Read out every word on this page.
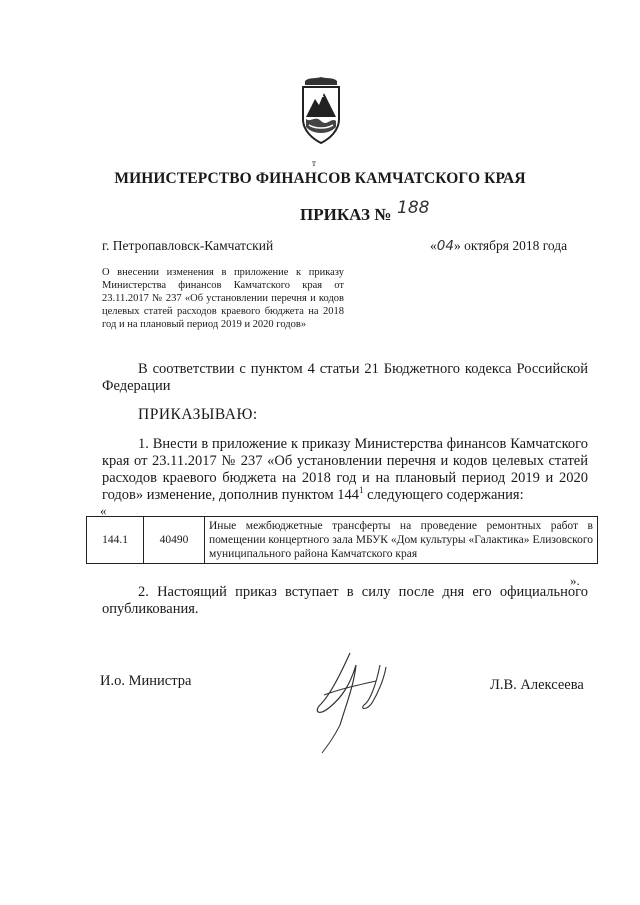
т
МИНИСТЕРСТВО ФИНАНСОВ КАМЧАТСКОГО КРАЯ
ПРИКАЗ № 188
г. Петропавловск-Камчатский	«04» октября 2018 года
О внесении изменения в приложение к приказу Министерства финансов Камчатского края от 23.11.2017 № 237 «Об установлении перечня и кодов целевых статей расходов краевого бюджета на 2018 год и на плановый период 2019 и 2020 годов»
В соответствии с пунктом 4 статьи 21 Бюджетного кодекса Российской Федерации
ПРИКАЗЫВАЮ:
1. Внести в приложение к приказу Министерства финансов Камчатского края от 23.11.2017 № 237 «Об установлении перечня и кодов целевых статей расходов краевого бюджета на 2018 год и на плановый период 2019 и 2020 годов» изменение, дополнив пунктом $144^1$ следующего содержания:
«
144.1	40490	Иные межбюджетные трансферты на проведение ремонтных работ в помещении концертного зала МБУК «Дом культуры «Галактика» Елизовского муниципального района Камчатского края
».
2. Настоящий приказ вступает в силу после дня его официального опубликования.
И.о. Министра	Л.В. Алексеева
